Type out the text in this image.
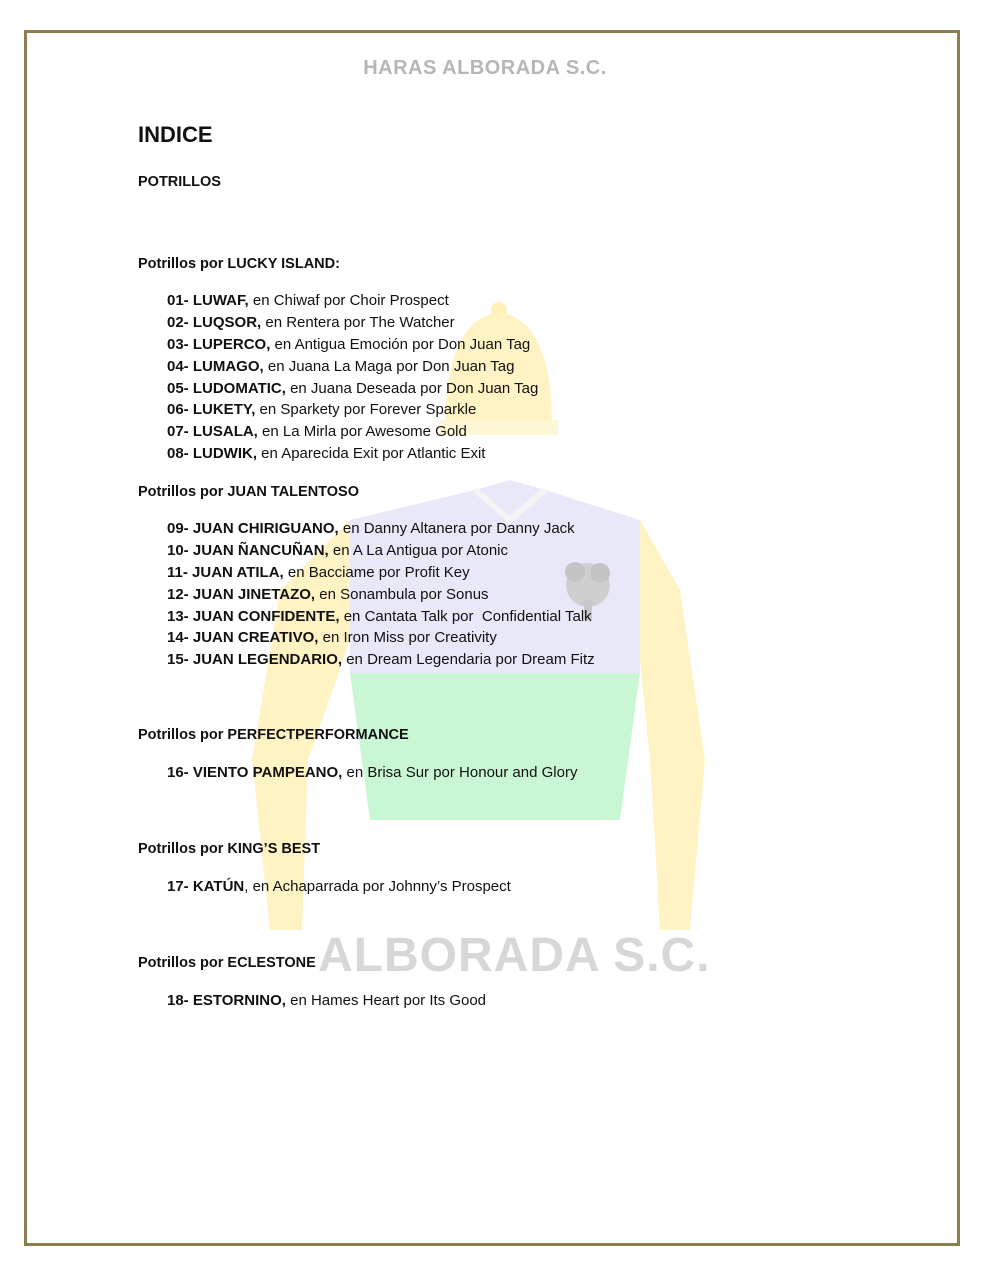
HARAS ALBORADA S.C.
ALBORADA S.C.
INDICE
POTRILLOS
Potrillos por LUCKY ISLAND:
01- LUWAF, en Chiwaf por Choir Prospect
02- LUQSOR, en Rentera por The Watcher
03- LUPERCO, en Antigua Emoción por Don Juan Tag
04- LUMAGO, en Juana La Maga por Don Juan Tag
05- LUDOMATIC, en Juana Deseada por Don Juan Tag
06- LUKETY, en Sparkety por Forever Sparkle
07- LUSALA, en La Mirla por Awesome Gold
08- LUDWIK, en Aparecida Exit por Atlantic Exit
Potrillos por JUAN TALENTOSO
09- JUAN CHIRIGUANO, en Danny Altanera por Danny Jack
10- JUAN ÑANCUÑAN, en A La Antigua por Atonic
11- JUAN ATILA, en Bacciame por Profit Key
12- JUAN JINETAZO, en Sonambula por Sonus
13- JUAN CONFIDENTE, en Cantata Talk por  Confidential Talk
14- JUAN CREATIVO, en Iron Miss por Creativity
15- JUAN LEGENDARIO, en Dream Legendaria por Dream Fitz
Potrillos por PERFECTPERFORMANCE
16- VIENTO PAMPEANO, en Brisa Sur por Honour and Glory
Potrillos por KING’S BEST
17- KATÚN, en Achaparrada por Johnny’s Prospect
Potrillos por ECLESTONE
18- ESTORNINO, en Hames Heart por Its Good
